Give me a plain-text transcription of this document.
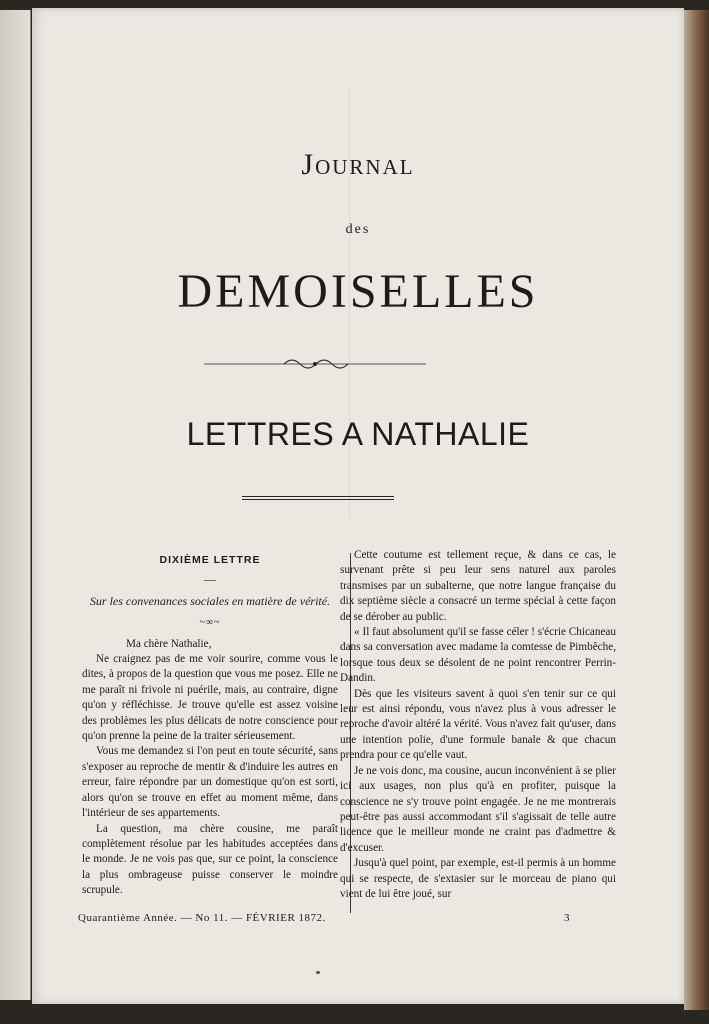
Journal
des
DEMOISELLES
LETTRES A NATHALIE
DIXIÈME LETTRE
—
Sur les convenances sociales en matière de vérité.
~∞~

Ma chère Nathalie,

Ne craignez pas de me voir sourire, comme vous le dites, à propos de la question que vous me posez. Elle ne me paraît ni frivole ni puérile, mais, au contraire, digne qu'on y réfléchisse. Je trouve qu'elle est assez voisine des problèmes les plus délicats de notre conscience pour qu'on prenne la peine de la traiter sérieusement.

Vous me demandez si l'on peut en toute sécurité, sans s'exposer au reproche de mentir & d'induire les autres en erreur, faire répondre par un domestique qu'on est sorti, alors qu'on se trouve en effet au moment même, dans l'intérieur de ses appartements.

La question, ma chère cousine, me paraît complètement résolue par les habitudes acceptées dans le monde. Je ne vois pas que, sur ce point, la conscience la plus ombrageuse puisse conserver le moindre scrupule.

Cette coutume est tellement reçue, & dans ce cas, le survenant prête si peu leur sens naturel aux paroles transmises par un subalterne, que notre langue française du dix septième siècle a consacré un terme spécial à cette façon de se dérober au public.

« Il faut absolument qu'il se fasse céler ! s'écrie Chicaneau dans sa conversation avec madame la comtesse de Pimbêche, lorsque tous deux se désolent de ne point rencontrer Perrin-Dandin.

Dès que les visiteurs savent à quoi s'en tenir sur ce qui leur est ainsi répondu, vous n'avez plus à vous adresser le reproche d'avoir altéré la vérité. Vous n'avez fait qu'user, dans une intention polie, d'une formule banale & que chacun prendra pour ce qu'elle vaut.

Je ne vois donc, ma cousine, aucun inconvénient à se plier ici aux usages, non plus qu'à en profiter, puisque la conscience ne s'y trouve point engagée. Je ne me montrerais peut-être pas aussi accommodant s'il s'agissait de telle autre licence que le meilleur monde ne craint pas d'admettre & d'excuser.

Jusqu'à quel point, par exemple, est-il permis à un homme qui se respecte, de s'extasier sur le morceau de piano qui vient de lui être joué, sur

Quarantième Année. — No 11. — FÉVRIER 1872.	3
